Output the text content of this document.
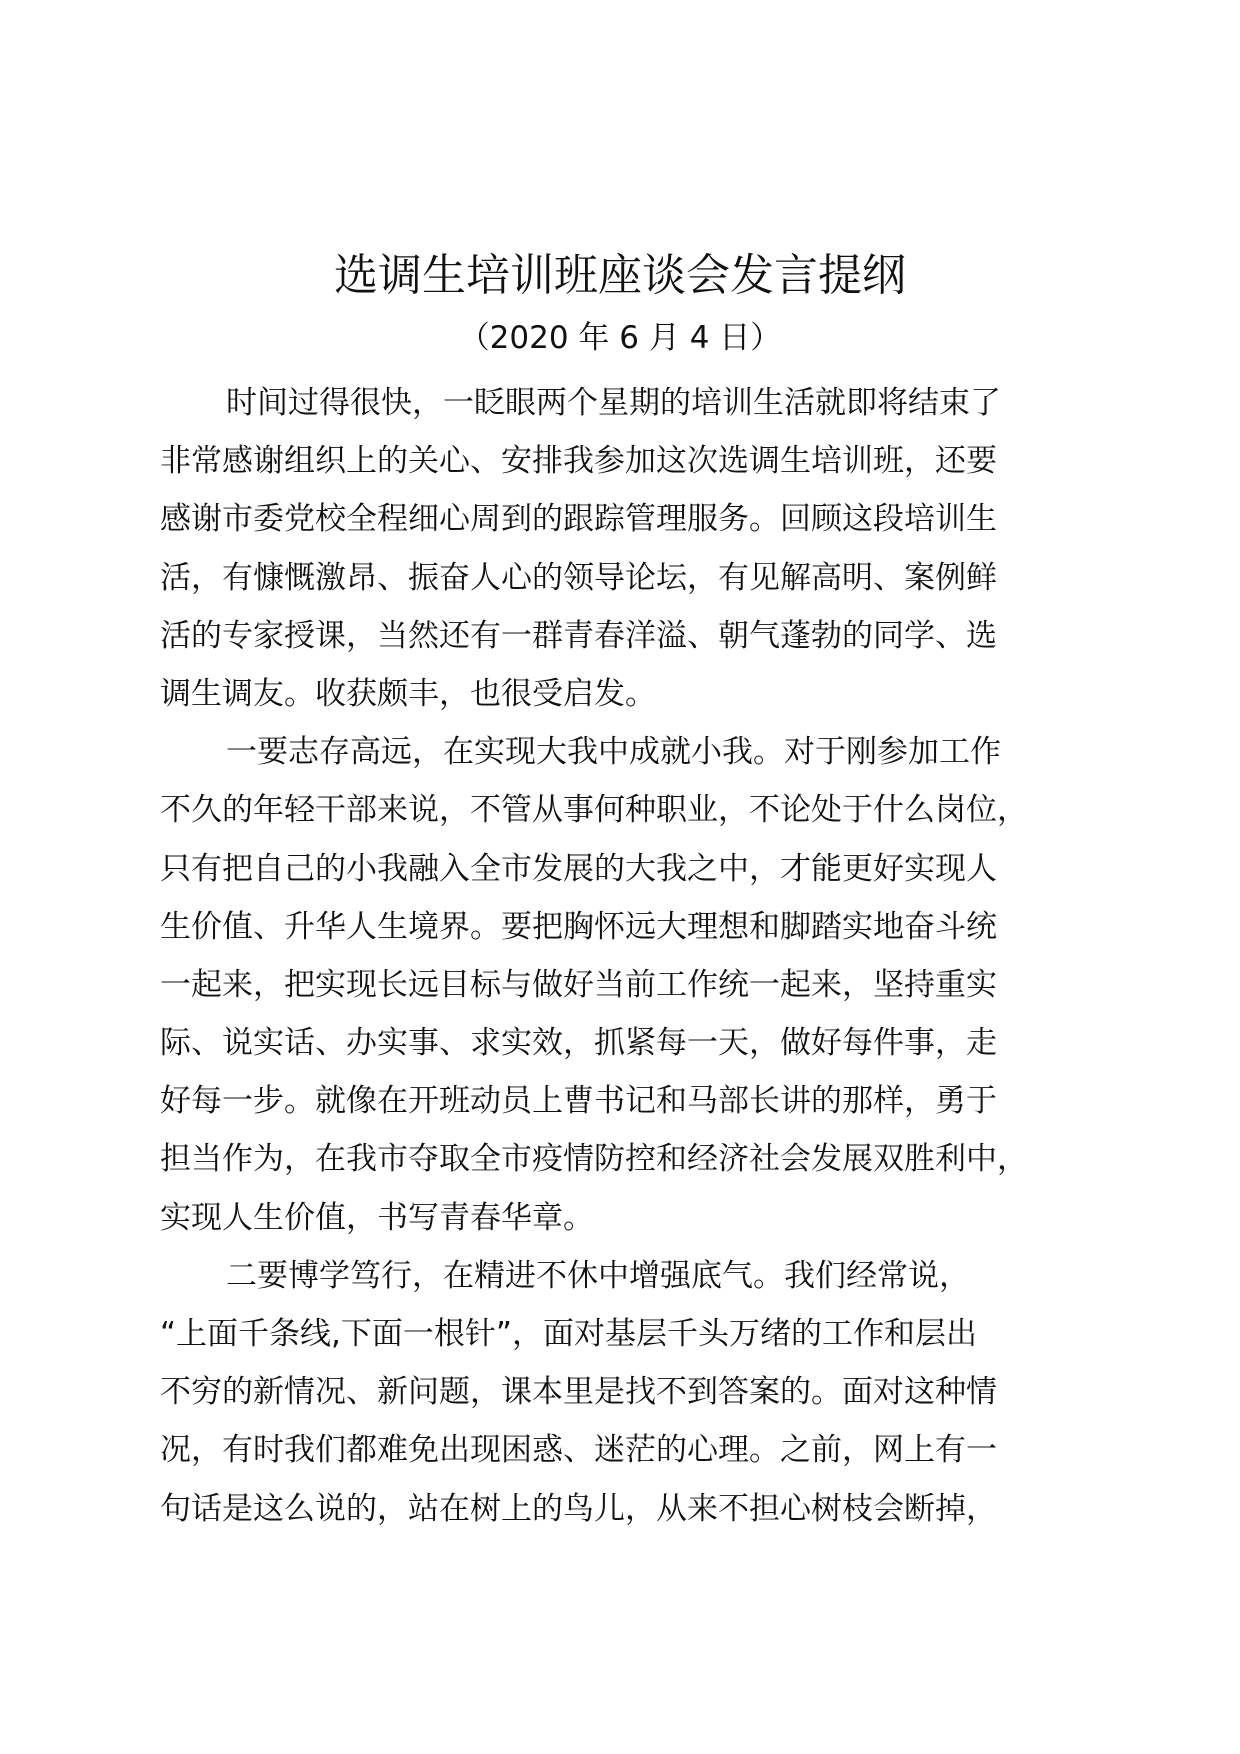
选调生培训班座谈会发言提纲

（2020 年 6 月 4 日）

时间过得很快，一眨眼两个星期的培训生活就即将结束了
非常感谢组织上的关心、安排我参加这次选调生培训班，还要
感谢市委党校全程细心周到的跟踪管理服务。回顾这段培训生
活，有慷慨激昂、振奋人心的领导论坛，有见解高明、案例鲜
活的专家授课，当然还有一群青春洋溢、朝气蓬勃的同学、选
调生调友。收获颇丰，也很受启发。

一要志存高远，在实现大我中成就小我。对于刚参加工作
不久的年轻干部来说，不管从事何种职业，不论处于什么岗位，
只有把自己的小我融入全市发展的大我之中，才能更好实现人
生价值、升华人生境界。要把胸怀远大理想和脚踏实地奋斗统
一起来，把实现长远目标与做好当前工作统一起来，坚持重实
际、说实话、办实事、求实效，抓紧每一天，做好每件事，走
好每一步。就像在开班动员上曹书记和马部长讲的那样，勇于
担当作为，在我市夺取全市疫情防控和经济社会发展双胜利中，
实现人生价值，书写青春华章。

二要博学笃行，在精进不休中增强底气。我们经常说，
“上面千条线,下面一根针”，面对基层千头万绪的工作和层出
不穷的新情况、新问题，课本里是找不到答案的。面对这种情
况，有时我们都难免出现困惑、迷茫的心理。之前，网上有一
句话是这么说的，站在树上的鸟儿，从来不担心树枝会断掉，
